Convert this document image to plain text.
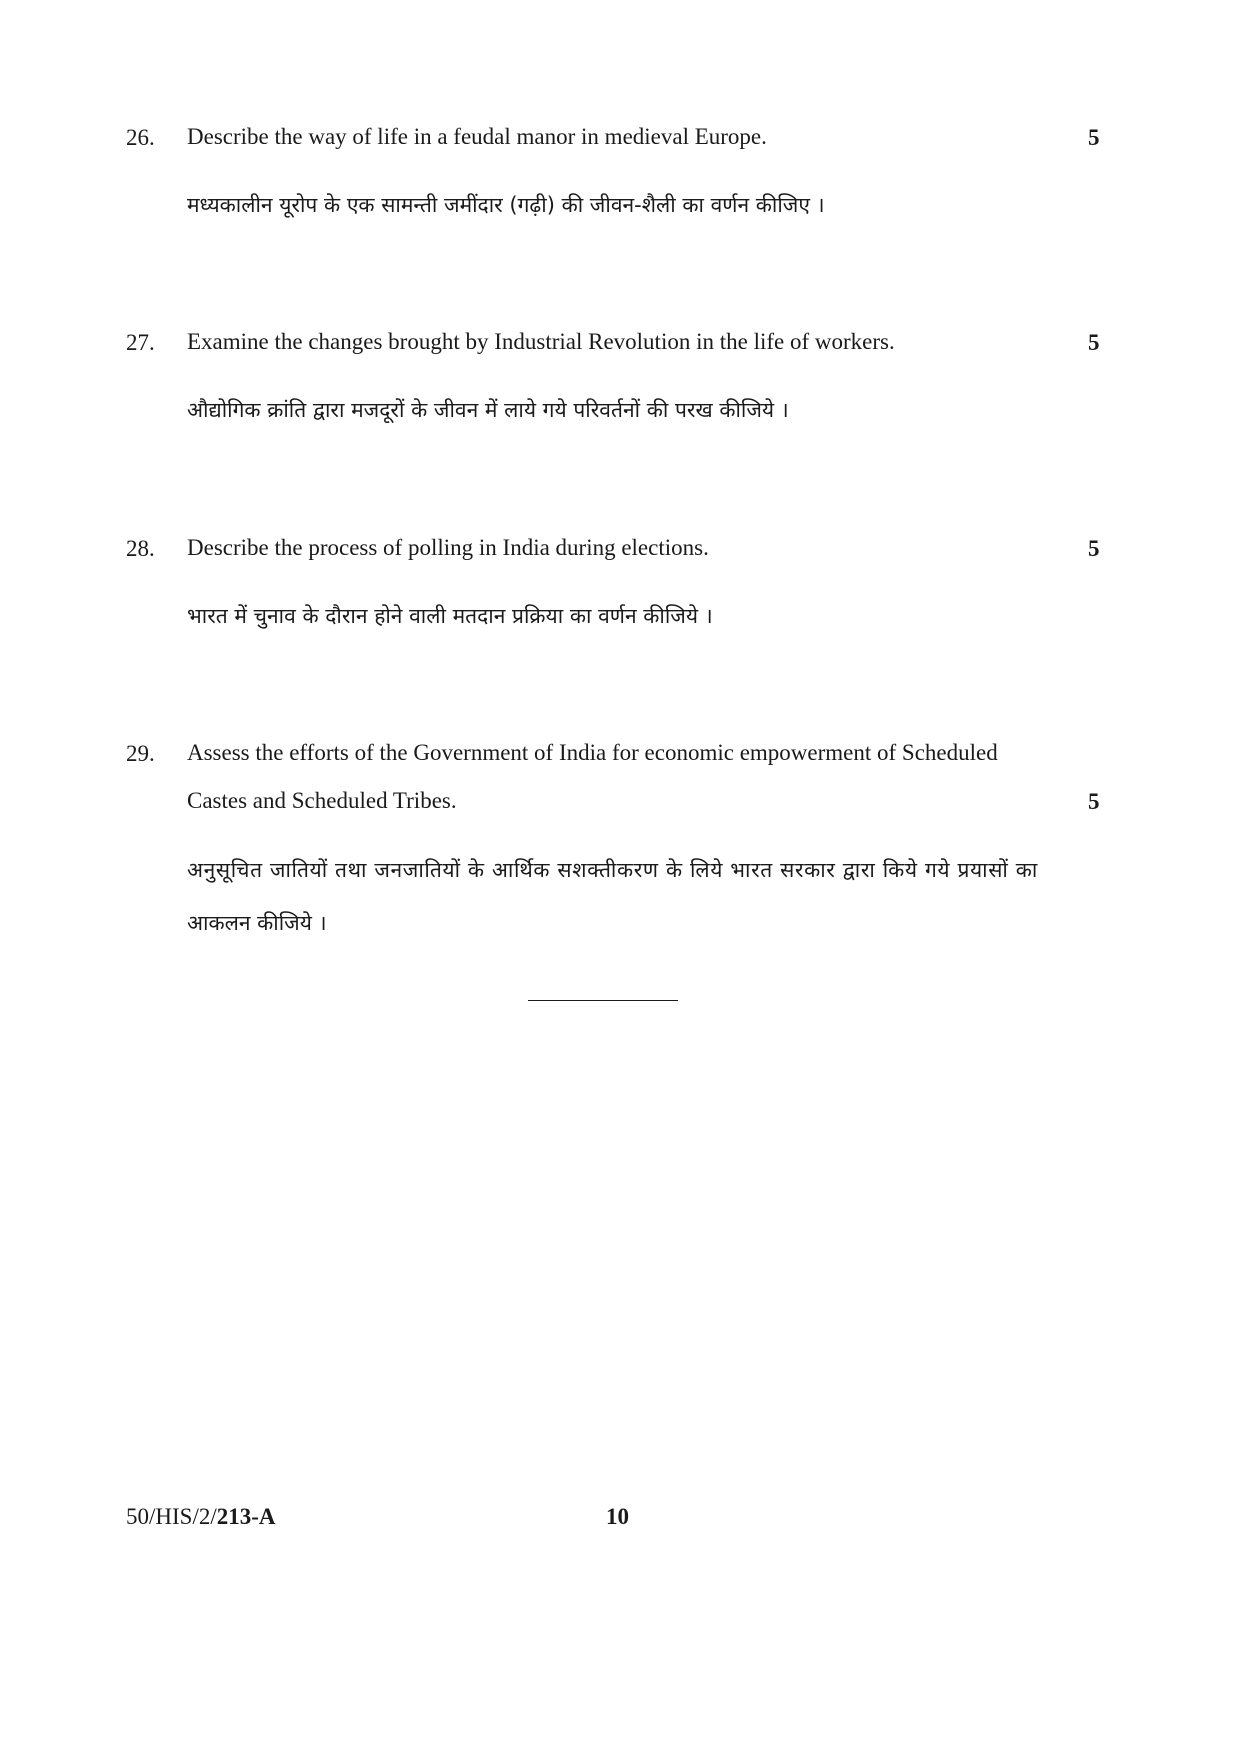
26. Describe the way of life in a feudal manor in medieval Europe.	5
मध्यकालीन यूरोप के एक सामन्ती जमींदार (गढ़ी) की जीवन-शैली का वर्णन कीजिए ।
27. Examine the changes brought by Industrial Revolution in the life of workers.	5
औद्योगिक क्रांति द्वारा मजदूरों के जीवन में लाये गये परिवर्तनों की परख कीजिये ।
28. Describe the process of polling in India during elections.	5
भारत में चुनाव के दौरान होने वाली मतदान प्रक्रिया का वर्णन कीजिये ।
29. Assess the efforts of the Government of India for economic empowerment of Scheduled
Castes and Scheduled Tribes.	5
अनुसूचित जातियों तथा जनजातियों के आर्थिक सशक्तीकरण के लिये भारत सरकार द्वारा किये गये प्रयासों का
आकलन कीजिये ।
50/HIS/2/213-A	10
